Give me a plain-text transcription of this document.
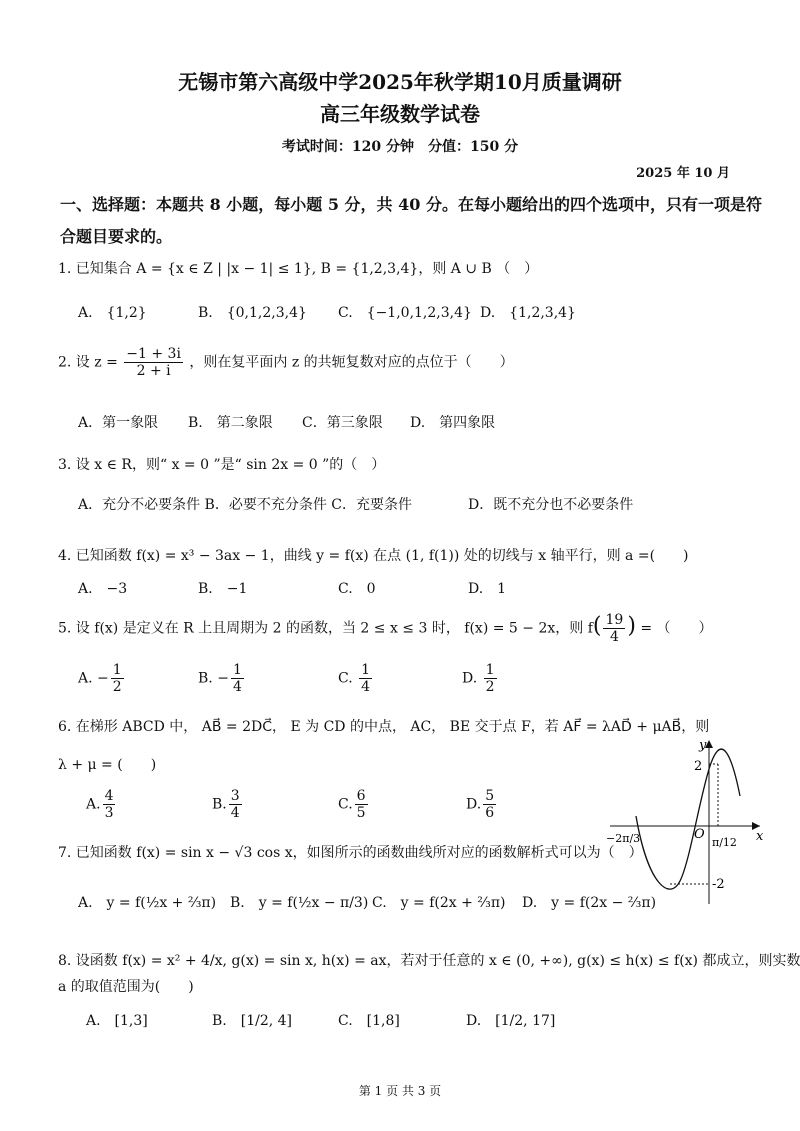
无锡市第六高级中学2025年秋学期10月质量调研
高三年级数学试卷
考试时间：120 分钟　分值：150 分
2025 年 10 月
一、选择题：本题共 8 小题，每小题 5 分，共 40 分。在每小题给出的四个选项中，只有一项是符
合题目要求的。
1. 已知集合 A = {x ∈ Z | |x − 1| ≤ 1}, B = {1,2,3,4}，则 A ∪ B （　）
A.　{1,2}	B.　{0,1,2,3,4} C.　{−1,0,1,2,3,4} D.　{1,2,3,4}
2. 设 $z = \frac{-1 + 3i}{2 + i}$ ，则在复平面内 z 的共轭复数对应的点位于（　　）
A．第一象限 B.　第二象限 C．第三象限 D.　第四象限
3. 设 x ∈ R，则“ x = 0 ”是“ sin 2x = 0 ”的（　）
A．充分不必要条件 B．必要不充分条件 C．充要条件	D．既不充分也不必要条件
4. 已知函数 f(x) = x³ − 3ax − 1，曲线 y = f(x) 在点 (1, f(1)) 处的切线与 x 轴平行，则 a =(　　)
A.　−3	B.　−1	C.　0	D.　1
5. 设 f(x) 是定义在 R 上且周期为 2 的函数，当 2 ≤ x ≤ 3 时， f(x) = 5 − 2x，则 $f( \frac{19}{4}$ ) = （　　）
A. − $\frac{1}{2}$	B. − $\frac{1}{4}$	C. $\frac{1}{4}$	D. $\frac{1}{2}$
6. 在梯形 ABCD 中， AB⃗ = 2DC⃗， E 为 CD 的中点， AC， BE 交于点 F，若 AF⃗ = λAD⃗ + μAB⃗，则
λ + μ = (　　)
A. $\frac{4}{3}$	B. $\frac{3}{4}$	C. $\frac{6}{5}$	D. $\frac{5}{6}$
7. 已知函数 f(x) = sin x − √3 cos x，如图所示的函数曲线所对应的函数解析式可以为（　）
A.　y = f(½x + ⅔π) B.　y = f(½x − π/3) C.　y = f(2x + ⅔π) D.　y = f(2x − ⅔π)
y
x
O
2
-2
−2π/3	π/12
8. 设函数 f(x) = x² + 4/x, g(x) = sin x, h(x) = ax，若对于任意的 x ∈ (0, +∞), g(x) ≤ h(x) ≤ f(x) 都成立，则实数
a 的取值范围为(　　)
A.　[1,3]	B.　[1/2, 4]	C.　[1,8]	D.　[1/2, 17]
第 1 页 共 3 页
